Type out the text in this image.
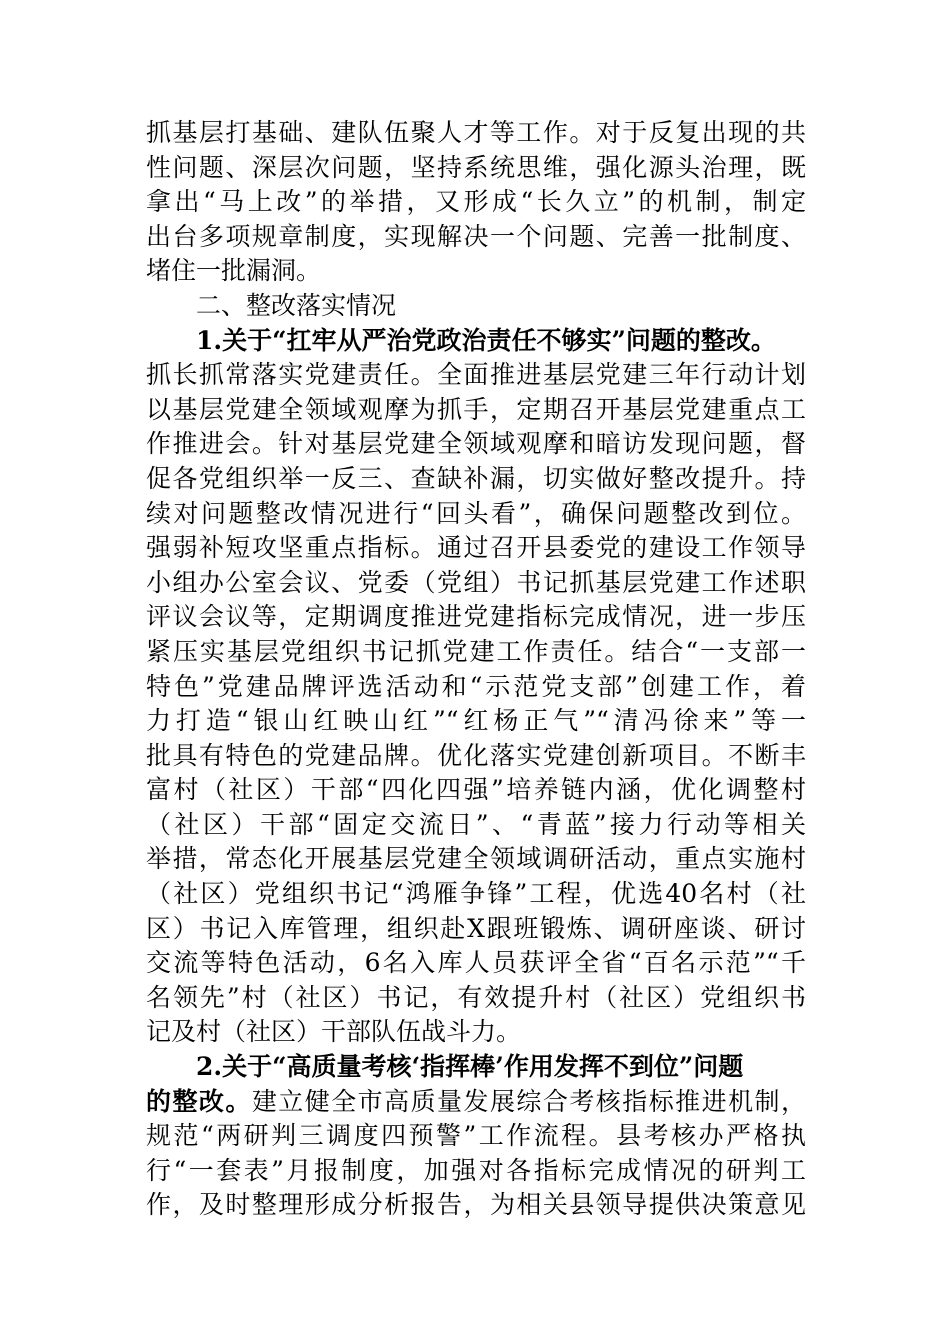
抓基层打基础、建队伍聚人才等工作。对于反复出现的共
性问题、深层次问题，坚持系统思维，强化源头治理，既
拿出“马上改”的举措，又形成“长久立”的机制，制定
出台多项规章制度，实现解决一个问题、完善一批制度、
堵住一批漏洞。
二、整改落实情况
1.关于“扛牢从严治党政治责任不够实”问题的整改。
抓长抓常落实党建责任。全面推进基层党建三年行动计划
以基层党建全领域观摩为抓手，定期召开基层党建重点工
作推进会。针对基层党建全领域观摩和暗访发现问题，督
促各党组织举一反三、查缺补漏，切实做好整改提升。持
续对问题整改情况进行“回头看”，确保问题整改到位。
强弱补短攻坚重点指标。通过召开县委党的建设工作领导
小组办公室会议、党委（党组）书记抓基层党建工作述职
评议会议等，定期调度推进党建指标完成情况，进一步压
紧压实基层党组织书记抓党建工作责任。结合“一支部一
特色”党建品牌评选活动和“示范党支部”创建工作，着
力打造“银山红映山红”“红杨正气”“清冯徐来”等一
批具有特色的党建品牌。优化落实党建创新项目。不断丰
富村（社区）干部“四化四强”培养链内涵，优化调整村
（社区）干部“固定交流日”、“青蓝”接力行动等相关
举措，常态化开展基层党建全领域调研活动，重点实施村
（社区）党组织书记“鸿雁争锋”工程，优选40名村（社
区）书记入库管理，组织赴X跟班锻炼、调研座谈、研讨
交流等特色活动，6名入库人员获评全省“百名示范”“千
名领先”村（社区）书记，有效提升村（社区）党组织书
记及村（社区）干部队伍战斗力。
2.关于“高质量考核‘指挥棒’作用发挥不到位”问题
的整改。建立健全市高质量发展综合考核指标推进机制，
规范“两研判三调度四预警”工作流程。县考核办严格执
行“一套表”月报制度，加强对各指标完成情况的研判工
作，及时整理形成分析报告，为相关县领导提供决策意见
